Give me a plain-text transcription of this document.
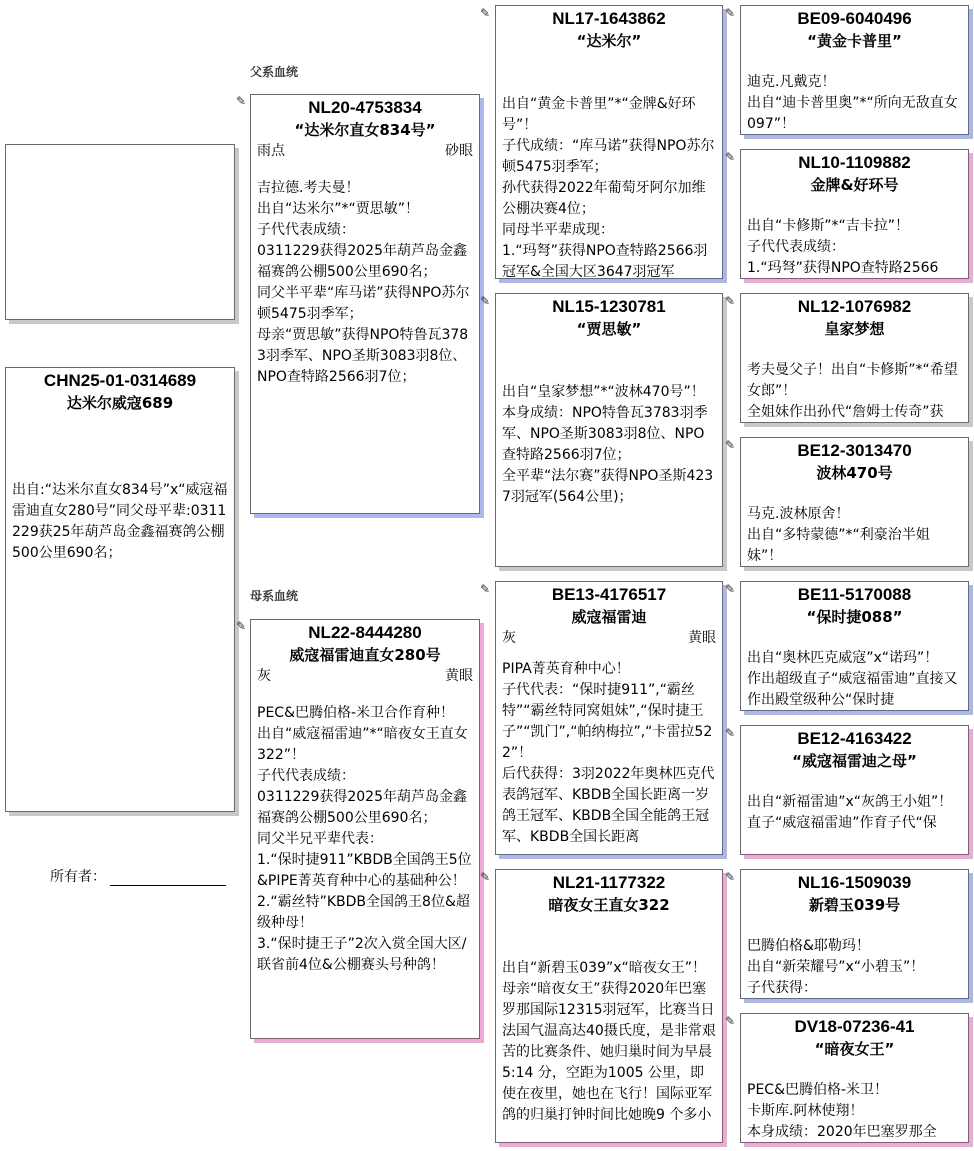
父系血统
母系血统
CHN25-01-0314689
达米尔威寇689
出自:“达米尔直女834号”x“威寇福雷迪直女280号”同父母平辈:0311229获25年葫芦岛金鑫福赛鸽公棚500公里690名；
所有者：
✎	NL20-4753834
“达米尔直女834号”
雨点	砂眼
吉拉德.考夫曼！
出自“达米尔”*“贾思敏”！
子代代表成绩：
0311229获得2025年葫芦岛金鑫福赛鸽公棚500公里690名；
同父半平辈“库马诺”获得NPO苏尔顿5475羽季军；
母亲“贾思敏”获得NPO特鲁瓦3783羽季军、NPO圣斯3083羽8位、NPO查特路2566羽7位；
✎	NL22-8444280
威寇福雷迪直女280号
灰	黄眼
PEC&巴腾伯格-米卫合作育种！
出自“威寇福雷迪”*“暗夜女王直女322”！
子代代表成绩：
0311229获得2025年葫芦岛金鑫福赛鸽公棚500公里690名；
同父半兄平辈代表：
1.“保时捷911”KBDB全国鸽王5位&PIPE菁英育种中心的基础种公！
2.“霸丝特”KBDB全国鸽王8位&超级种母！
3.“保时捷王子”2次入赏全国大区/联省前4位&公棚赛头号种鸽！
✎	NL17-1643862
“达米尔”
出自“黄金卡普里”*“金牌&好环号”！
子代成绩：“库马诺”获得NPO苏尔顿5475羽季军；
孙代获得2022年葡萄牙阿尔加维公棚决赛4位；
同母半平辈成现：
1.“玛弩”获得NPO查特路2566羽冠军&全国大区3647羽冠军
✎	NL15-1230781
“贾思敏”
出自“皇家梦想”*“波林470号”！
本身成绩：NPO特鲁瓦3783羽季军、NPO圣斯3083羽8位、NPO查特路2566羽7位；
全平辈“法尔赛”获得NPO圣斯4237羽冠军(564公里)；
✎	BE13-4176517
威寇福雷迪
灰	黄眼
PIPA菁英育种中心！
子代代表：“保时捷911”,“霸丝特”“霸丝特同窝姐妹”,“保时捷王子”“凯门”,“帕纳梅拉”,“卡雷拉522”！
后代获得：3羽2022年奥林匹克代表鸽冠军、KBDB全国长距离一岁鸽王冠军、KBDB全国全能鸽王冠军、KBDB全国长距离
✎	NL21-1177322
暗夜女王直女322
出自“新碧玉039”x“暗夜女王”！
母亲“暗夜女王”获得2020年巴塞罗那国际12315羽冠军，比赛当日法国气温高达40摄氏度，是非常艰苦的比赛条件、她归巢时间为早晨5:14 分，空距为1005 公里，即使在夜里，她也在飞行！国际亚军鸽的归巢打钟时间比她晚9 个多小
✎	BE09-6040496
“黄金卡普里”
迪克.凡戴克！
出自“迪卡普里奥”*“所向无敌直女097”！
✎	NL10-1109882
金牌&好环号
出自“卡修斯”*“吉卡拉”！
子代代表成绩：
1.“玛弩”获得NPO查特路2566
✎	NL12-1076982
皇家梦想
考夫曼父子！出自“卡修斯”*“希望女郎”！
全姐妹作出孙代“詹姆士传奇”获
✎	BE12-3013470
波林470号
马克.波林原舍！
出自“多特蒙德”*“利豪治半姐妹”！
✎	BE11-5170088
“保时捷088”
出自“奥林匹克威寇”x“诺玛”！
作出超级直子“威寇福雷迪”直接又作出殿堂级种公“保时捷
✎	BE12-4163422
“威寇福雷迪之母”
出自“新福雷迪”x“灰鸽王小姐”！
直子“威寇福雷迪”作育子代“保
✎	NL16-1509039
新碧玉039号
巴腾伯格&耶勒玛！
出自“新荣耀号”x“小碧玉”！
子代获得：
✎	DV18-07236-41
“暗夜女王”
PEC&巴腾伯格-米卫！
卡斯库.阿林使翔！
本身成绩：2020年巴塞罗那全
